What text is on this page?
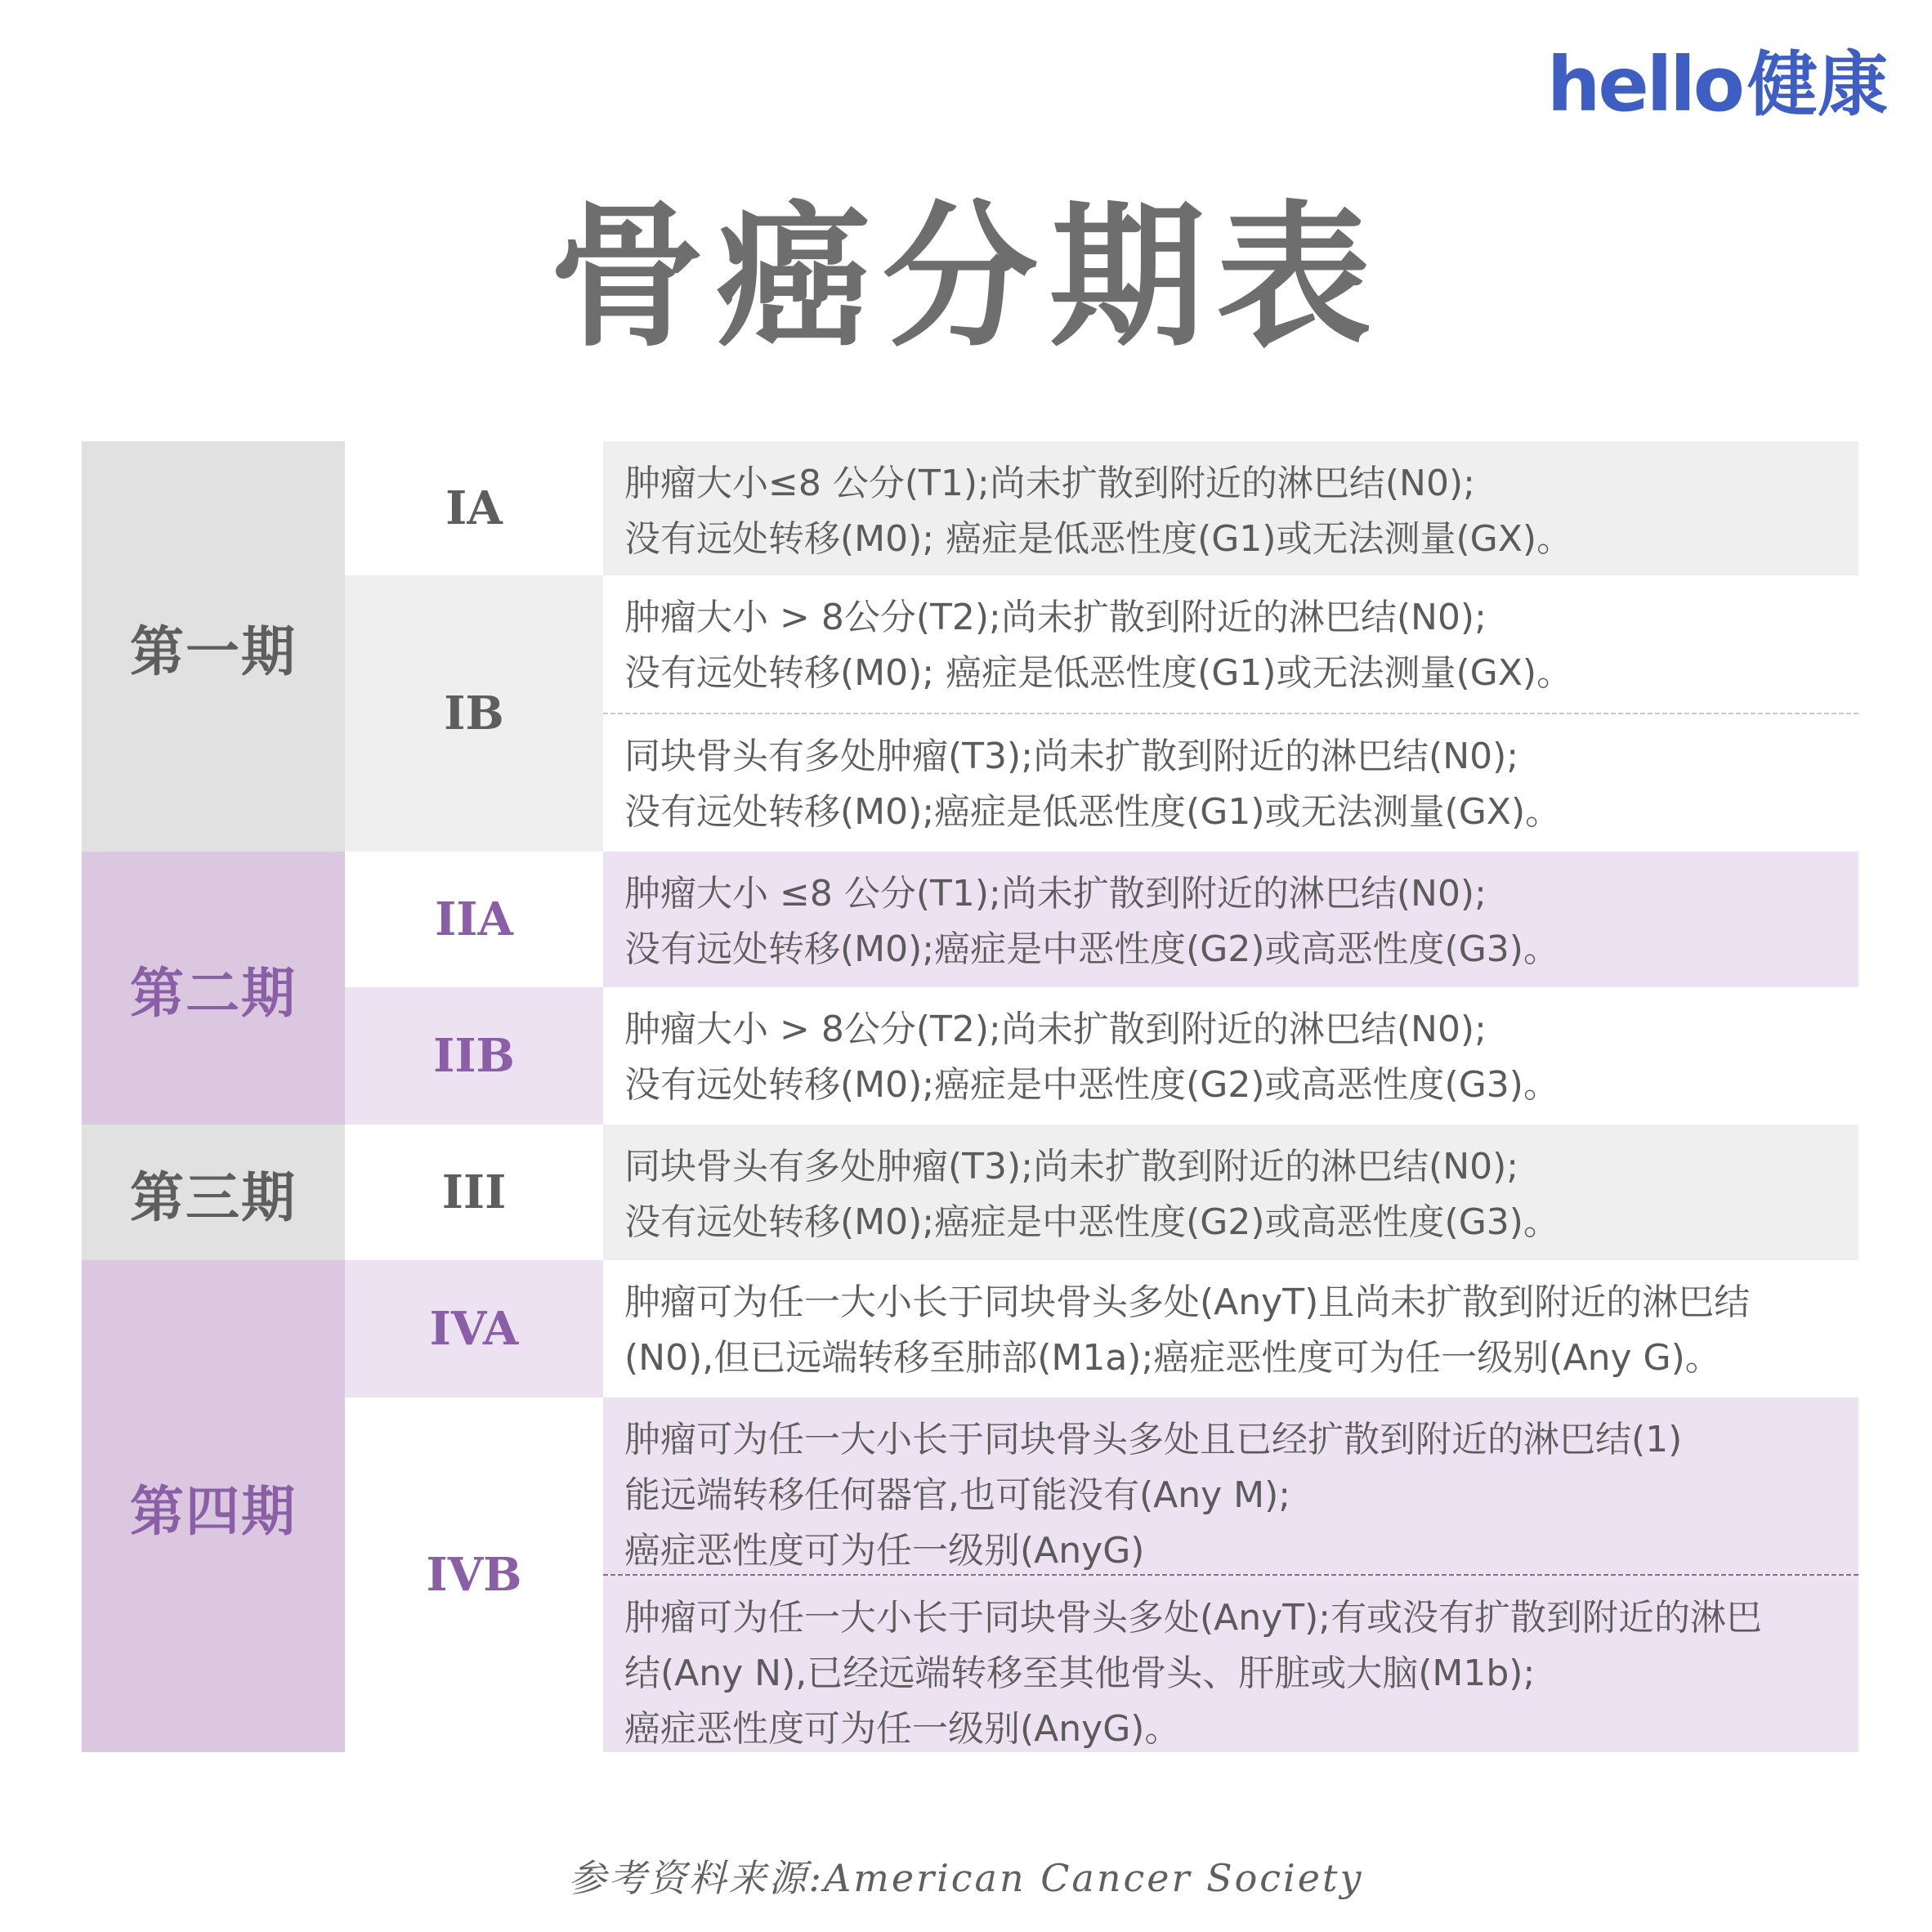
hello 健康
骨癌分期表
第一期
第二期
第三期
第四期
IA
IB
IIA
IIB
III
IVA
IVB
肿瘤大小≤8 公分(T1);尚未扩散到附近的淋巴结(N0);
没有远处转移(M0); 癌症是低恶性度(G1)或无法测量(GX)。
肿瘤大小 > 8公分(T2);尚未扩散到附近的淋巴结(N0);
没有远处转移(M0); 癌症是低恶性度(G1)或无法测量(GX)。
同块骨头有多处肿瘤(T3);尚未扩散到附近的淋巴结(N0);
没有远处转移(M0);癌症是低恶性度(G1)或无法测量(GX)。
肿瘤大小 ≤8 公分(T1);尚未扩散到附近的淋巴结(N0);
没有远处转移(M0);癌症是中恶性度(G2)或高恶性度(G3)。
肿瘤大小 > 8公分(T2);尚未扩散到附近的淋巴结(N0);
没有远处转移(M0);癌症是中恶性度(G2)或高恶性度(G3)。
同块骨头有多处肿瘤(T3);尚未扩散到附近的淋巴结(N0);
没有远处转移(M0);癌症是中恶性度(G2)或高恶性度(G3)。
肿瘤可为任一大小长于同块骨头多处(AnyT)且尚未扩散到附近的淋巴结
(N0),但已远端转移至肺部(M1a);癌症恶性度可为任一级别(Any G)。
肿瘤可为任一大小长于同块骨头多处且已经扩散到附近的淋巴结(1)
能远端转移任何器官,也可能没有(Any M);
癌症恶性度可为任一级别(AnyG)
肿瘤可为任一大小长于同块骨头多处(AnyT);有或没有扩散到附近的淋巴
结(Any N),已经远端转移至其他骨头、肝脏或大脑(M1b);
癌症恶性度可为任一级别(AnyG)。
参考资料来源:American Cancer Society
